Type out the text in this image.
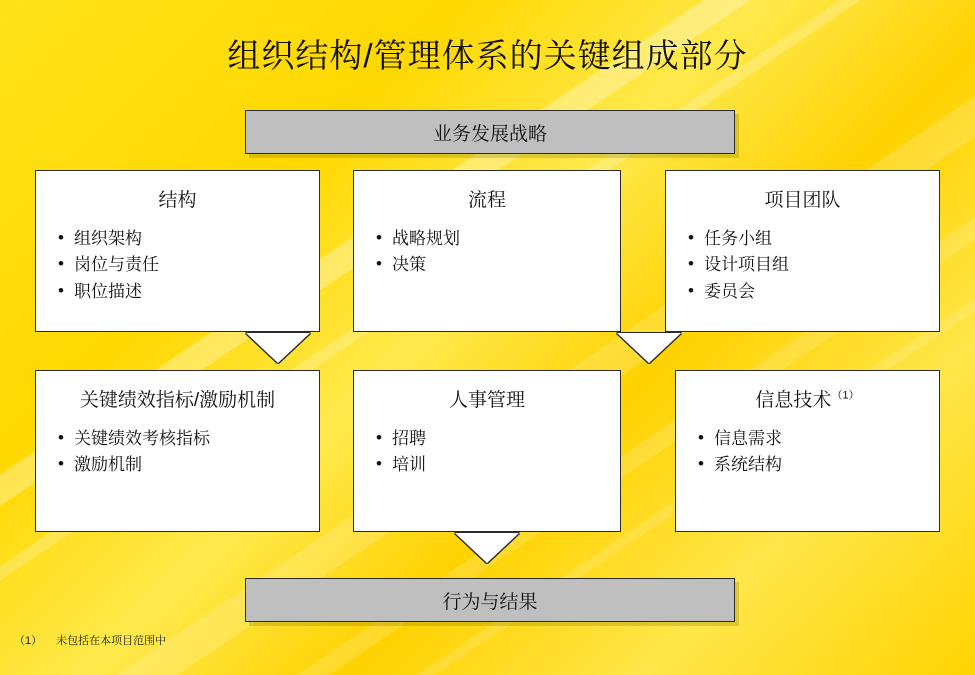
组织结构/管理体系的关键组成部分
业务发展战略
结构
• 组织架构
• 岗位与责任
• 职位描述
流程
• 战略规划
• 决策
项目团队
• 任务小组
• 设计项目组
• 委员会
关键绩效指标/激励机制
• 关键绩效考核指标
• 激励机制
人事管理
• 招聘
• 培训
信息技术$^{(1)}$
• 信息需求
• 系统结构
行为与结果
（1） 未包括在本项目范围中
